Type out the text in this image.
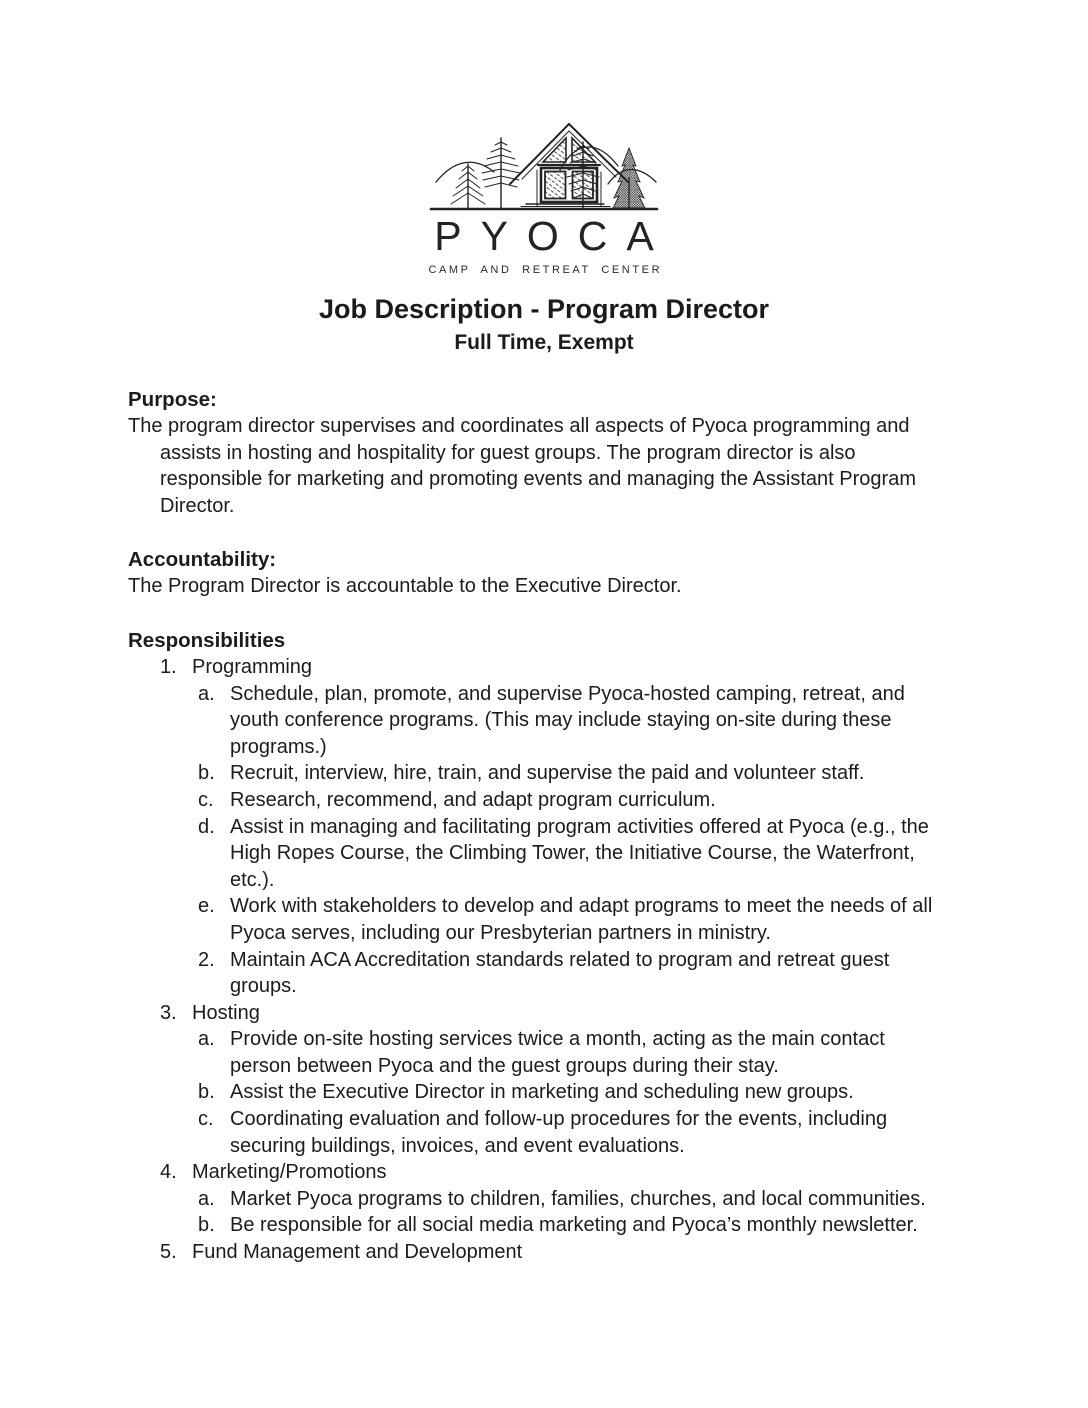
PYOCA
CAMP AND RETREAT CENTER
Job Description - Program Director
Full Time, Exempt
Purpose:

The program director supervises and coordinates all aspects of Pyoca programming and assists in hosting and hospitality for guest groups. The program director is also responsible for marketing and promoting events and managing the Assistant Program Director.

Accountability:

The Program Director is accountable to the Executive Director.

Responsibilities
1. Programming
a. Schedule, plan, promote, and supervise Pyoca-hosted camping, retreat, and youth conference programs. (This may include staying on-site during these programs.)
b. Recruit, interview, hire, train, and supervise the paid and volunteer staff.
c. Research, recommend, and adapt program curriculum.
d. Assist in managing and facilitating program activities offered at Pyoca (e.g., the High Ropes Course, the Climbing Tower, the Initiative Course, the Waterfront, etc.).
e. Work with stakeholders to develop and adapt programs to meet the needs of all Pyoca serves, including our Presbyterian partners in ministry.
2. Maintain ACA Accreditation standards related to program and retreat guest groups.
3. Hosting
a. Provide on-site hosting services twice a month, acting as the main contact person between Pyoca and the guest groups during their stay.
b. Assist the Executive Director in marketing and scheduling new groups.
c. Coordinating evaluation and follow-up procedures for the events, including securing buildings, invoices, and event evaluations.
4. Marketing/Promotions
a. Market Pyoca programs to children, families, churches, and local communities.
b. Be responsible for all social media marketing and Pyoca’s monthly newsletter.
5. Fund Management and Development
